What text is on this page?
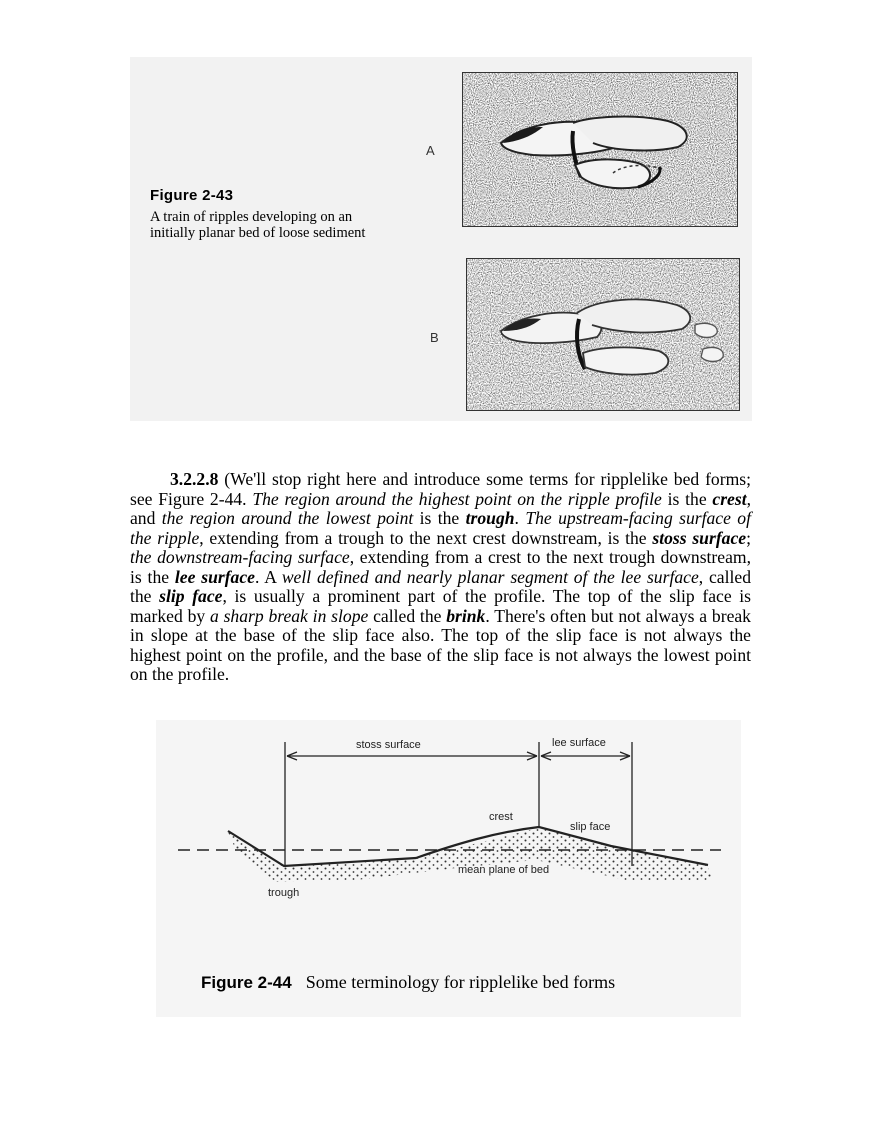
Figure 2-43
A train of ripples developing on an initially planar bed of loose sediment
A
B
3.2.2.8 (We'll stop right here and introduce some terms for ripplelike bed forms; see Figure 2-44. The region around the highest point on the ripple profile is the crest, and the region around the lowest point is the trough. The upstream-facing surface of the ripple, extending from a trough to the next crest downstream, is the stoss surface; the downstream-facing surface, extending from a crest to the next trough downstream, is the lee surface. A well defined and nearly planar segment of the lee surface, called the slip face, is usually a prominent part of the profile. The top of the slip face is marked by a sharp break in slope called the brink. There's often but not always a break in slope at the base of the slip face also. The top of the slip face is not always the highest point on the profile, and the base of the slip face is not always the lowest point on the profile.
stoss surface	lee surface
crest
slip face
mean plane of bed
trough
Figure 2-44 Some terminology for ripplelike bed forms
